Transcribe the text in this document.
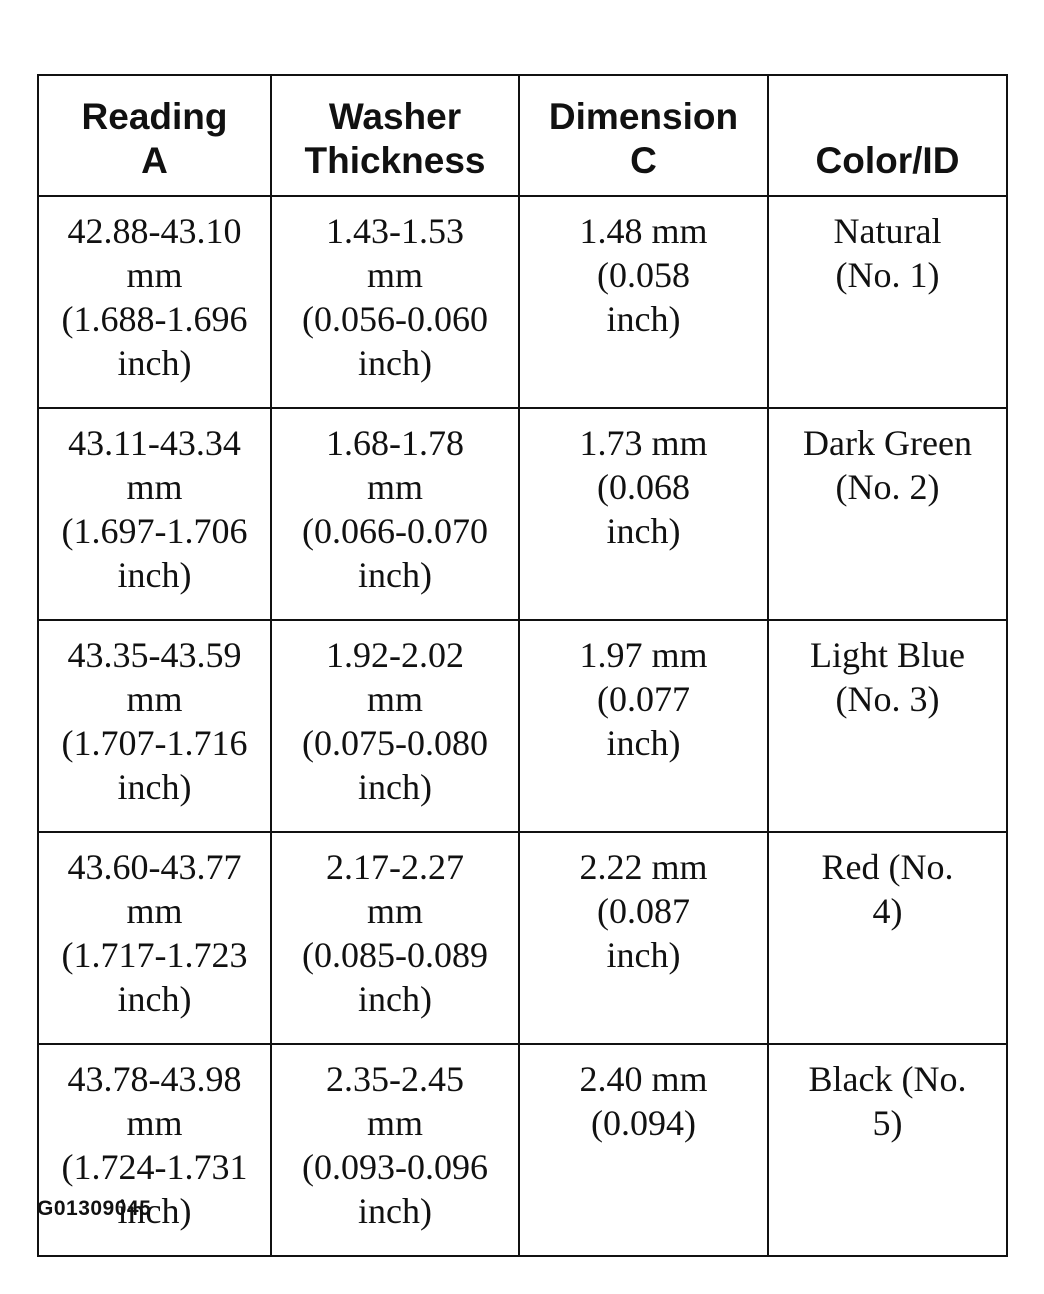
Reading
A	Washer
Thickness	Dimension
C	Color/ID

42.88-43.10
mm
(1.688-1.696
inch)	1.43-1.53
mm
(0.056-0.060
inch)	1.48 mm
(0.058
inch)	Natural
(No. 1)

43.11-43.34
mm
(1.697-1.706
inch)	1.68-1.78
mm
(0.066-0.070
inch)	1.73 mm
(0.068
inch)	Dark Green
(No. 2)

43.35-43.59
mm
(1.707-1.716
inch)	1.92-2.02
mm
(0.075-0.080
inch)	1.97 mm
(0.077
inch)	Light Blue
(No. 3)

43.60-43.77
mm
(1.717-1.723
inch)	2.17-2.27
mm
(0.085-0.089
inch)	2.22 mm
(0.087
inch)	Red (No.
4)

43.78-43.98
mm
(1.724-1.731
inch)	2.35-2.45
mm
(0.093-0.096
inch)	2.40 mm
(0.094)	Black (No.
5)
G01309045
